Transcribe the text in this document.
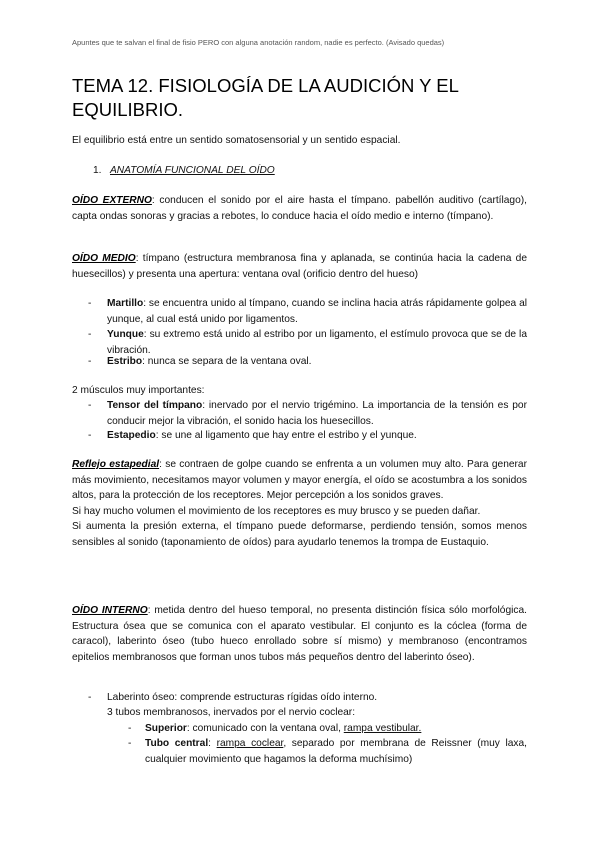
Apuntes que te salvan el final de fisio PERO con alguna anotación random, nadie es perfecto. (Avisado quedas)
TEMA 12. FISIOLOGÍA DE LA AUDICIÓN Y EL EQUILIBRIO.
El equilibrio está entre un sentido somatosensorial y un sentido espacial.
1. ANATOMÍA FUNCIONAL DEL OÍDO
OÍDO EXTERNO: conducen el sonido por el aire hasta el tímpano. pabellón auditivo (cartílago), capta ondas sonoras y gracias a rebotes, lo conduce hacia el oído medio e interno (tímpano).
OÍDO MEDIO: tímpano (estructura membranosa fina y aplanada, se continúa hacia la cadena de huesecillos) y presenta una apertura: ventana oval (orificio dentro del hueso)
- Martillo: se encuentra unido al tímpano, cuando se inclina hacia atrás rápidamente golpea al yunque, al cual está unido por ligamentos.
- Yunque: su extremo está unido al estribo por un ligamento, el estímulo provoca que se de la vibración.
- Estribo: nunca se separa de la ventana oval.
2 músculos muy importantes:
- Tensor del tímpano: inervado por el nervio trigémino. La importancia de la tensión es por conducir mejor la vibración, el sonido hacia los huesecillos.
- Estapedio: se une al ligamento que hay entre el estribo y el yunque.
Reflejo estapedial: se contraen de golpe cuando se enfrenta a un volumen muy alto. Para generar más movimiento, necesitamos mayor volumen y mayor energía, el oído se acostumbra a los sonidos altos, para la protección de los receptores. Mejor percepción a los sonidos graves.
Si hay mucho volumen el movimiento de los receptores es muy brusco y se pueden dañar.
Si aumenta la presión externa, el tímpano puede deformarse, perdiendo tensión, somos menos sensibles al sonido (taponamiento de oídos) para ayudarlo tenemos la trompa de Eustaquio.
OÍDO INTERNO: metida dentro del hueso temporal, no presenta distinción física sólo morfológica. Estructura ósea que se comunica con el aparato vestibular. El conjunto es la cóclea (forma de caracol), laberinto óseo (tubo hueco enrollado sobre sí mismo) y membranoso (encontramos epitelios membranosos que forman unos tubos más pequeños dentro del laberinto óseo).
- Laberinto óseo: comprende estructuras rígidas oído interno.
3 tubos membranosos, inervados por el nervio coclear:
- Superior: comunicado con la ventana oval, rampa vestibular.
- Tubo central: rampa coclear, separado por membrana de Reissner (muy laxa, cualquier movimiento que hagamos la deforma muchísimo)
